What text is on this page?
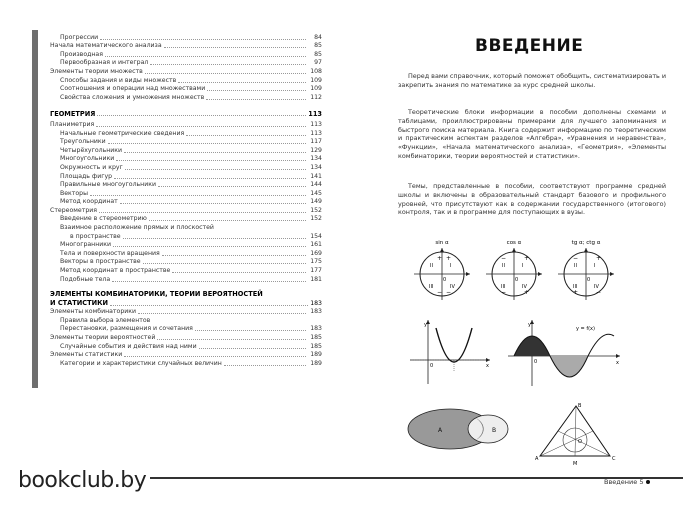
Прогрессии	84
Начала математического анализа	85
Производная	85
Первообразная и интеграл	97
Элементы теории множеств	108
Способы задания и виды множеств	109
Соотношения и операции над множествами	109
Свойства сложения и умножения множеств	112
ГЕОМЕТРИЯ	113
Планиметрия	113
Начальные геометрические сведения	113
Треугольники	117
Четырёхугольники	129
Многоугольники	134
Окружность и круг	134
Площадь фигур	141
Правильные многоугольники	144
Векторы	145
Метод координат	149
Стереометрия	152
Введение в стереометрию	152
Взаимное расположение прямых и плоскостей
в пространстве	154
Многогранники	161
Тела и поверхности вращения	169
Векторы в пространстве	175
Метод координат в пространстве	177
Подобные тела	181
ЭЛЕМЕНТЫ КОМБИНАТОРИКИ, ТЕОРИИ ВЕРОЯТНОСТЕЙ
И СТАТИСТИКИ	183
Элементы комбинаторики	183
Правила выбора элементов
Перестановки, размещения и сочетания	183
Элементы теории вероятностей	185
Случайные события и действия над ними	185
Элементы статистики	189
Категории и характеристики случайных величин	189
ВВЕДЕНИЕ
Перед вами справочник, который поможет обобщить, систематизировать и закрепить знания по математике за курс средней школы.
Теоретические блоки информации в пособии дополнены схемами и таблицами, проиллюстрированы примерами для лучшего запоминания и быстрого поиска материала. Книга содержит информацию по теоретическим и практическим аспектам разделов «Алгебра», «Уравнения и неравенства», «Функции», «Начала математического анализа», «Геометрия», «Элементы комбинаторики, теории вероятностей и статистики».
Темы, представленные в пособии, соответствуют программе средней школы и включены в образовательный стандарт базового и профильного уровней, что присутствуют как в содержании государственного (итогового) контроля, так и в программе для поступающих в вузы.
sin α
II	I
III	IV
0
+ +
− −
cos α
II	I
III	IV
0
−	+
−	+
tg α; ctg α
II	I
III	IV
0
−	+
+	−
y
x
0
y
x
y = f(x)
0
A	B
A
B
C
M
O
bookclub.by	Введение 5
